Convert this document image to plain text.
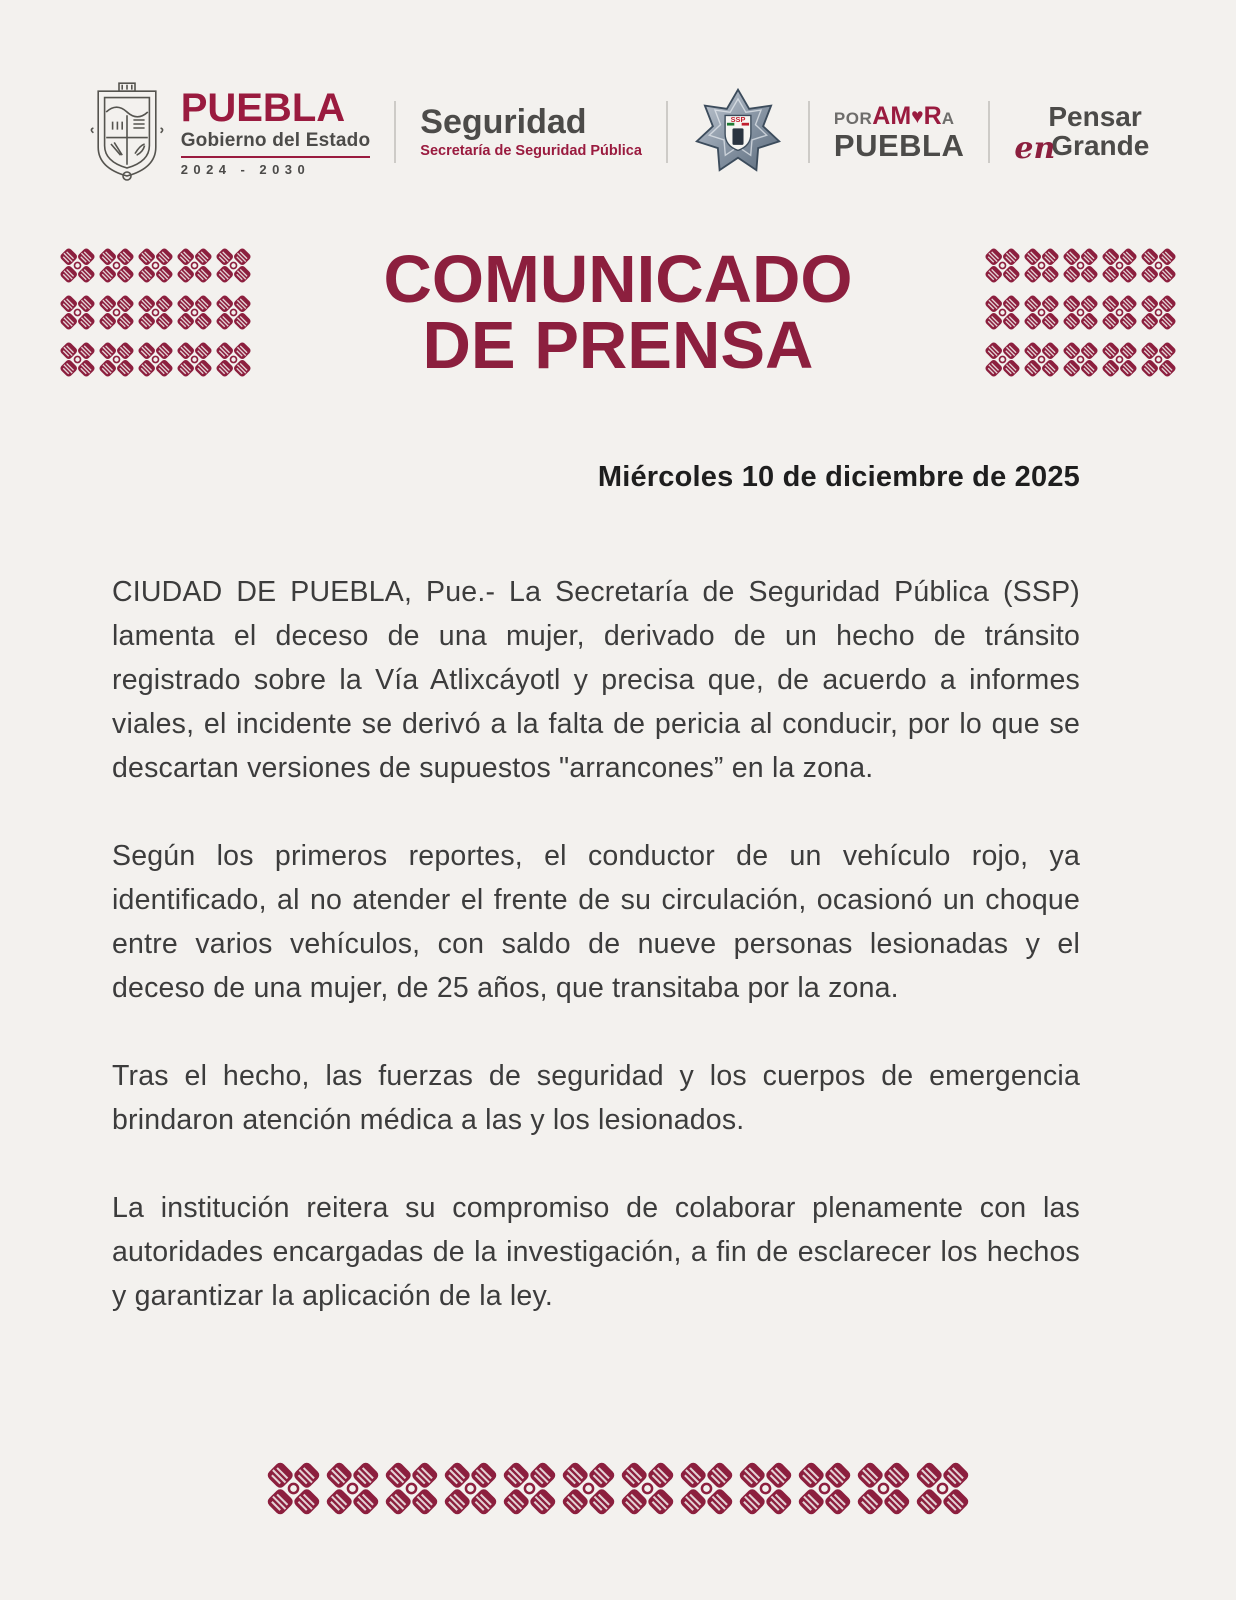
PUEBLA
Gobierno del Estado
2024 - 2030
Seguridad
Secretaría de Seguridad Pública
SSP	POR AM ♥ R A
PUEBLA
Pensar
en
Grande
COMUNICADO
DE PRENSA
Miércoles 10 de diciembre de 2025

CIUDAD DE PUEBLA, Pue.- La Secretaría de Seguridad Pública (SSP) lamenta el deceso de una mujer, derivado de un hecho de tránsito registrado sobre la Vía Atlixcáyotl y precisa que, de acuerdo a informes viales, el incidente se derivó a la falta de pericia al conducir, por lo que se descartan versiones de supuestos "arrancones” en la zona.

Según los primeros reportes, el conductor de un vehículo rojo, ya identificado, al no atender el frente de su circulación, ocasionó un choque entre varios vehículos, con saldo de nueve personas lesionadas y el deceso de una mujer, de 25 años, que transitaba por la zona.

Tras el hecho, las fuerzas de seguridad y los cuerpos de emergencia brindaron atención médica a las y los lesionados.

La institución reitera su compromiso de colaborar plenamente con las autoridades encargadas de la investigación, a fin de esclarecer los hechos y garantizar la aplicación de la ley.
